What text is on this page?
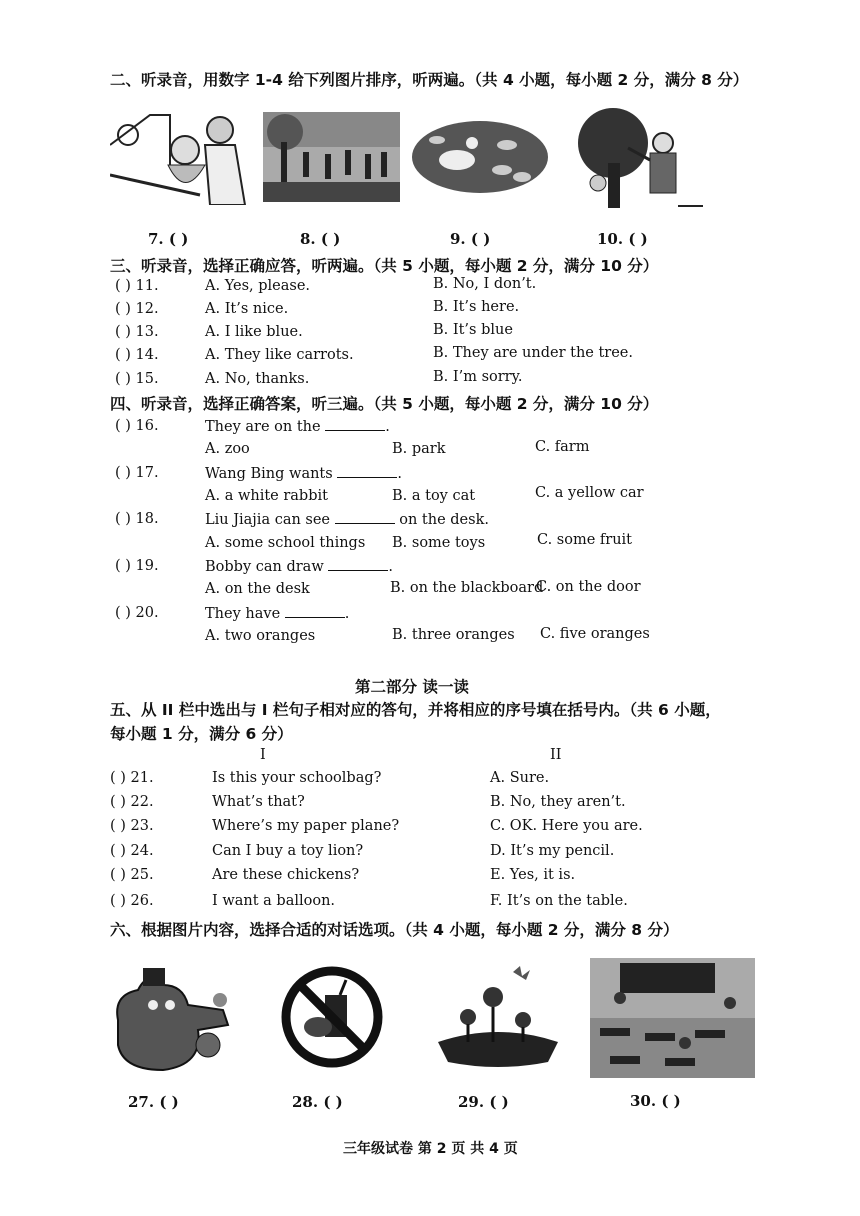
二、听录音，用数字 1-4 给下列图片排序，听两遍。（共 4 小题，每小题 2 分，满分 8 分）
7. ( )	8. ( )	9. ( )	10. ( )
三、听录音，选择正确应答，听两遍。（共 5 小题，每小题 2 分，满分 10 分）
( ) 11.	A. Yes, please.	B. No, I don’t.
( ) 12.	A. It’s nice.	B. It’s here.
( ) 13.	A. I like blue.	B. It’s blue
( ) 14.	A. They like carrots.	B. They are under the tree.
( ) 15.	A. No, thanks.	B. I’m sorry.
四、听录音，选择正确答案，听三遍。（共 5 小题，每小题 2 分，满分 10 分）
( ) 16.	They are on the	.
A. zoo	B. park	C. farm
( ) 17.	Wang Bing wants	.
A. a white rabbit	B. a toy cat	C. a yellow car
( ) 18.	Liu Jiajia can see	on the desk.
A. some school things B. some toys	C. some fruit
( ) 19.	Bobby can draw	.
A. on the desk	B. on the blackboard
C. on the door
( ) 20.	They have	.
A. two oranges	B. three oranges C. five oranges
第二部分 读一读
五、从 II 栏中选出与 I 栏句子相对应的答句，并将相应的序号填在括号内。（共 6 小题，
每小题 1 分，满分 6 分）
I	II
( ) 21.	Is this your schoolbag?	A. Sure.
( ) 22.	What’s that?	B. No, they aren’t.
( ) 23.	Where’s my paper plane?	C. OK. Here you are.
( ) 24.	Can I buy a toy lion?	D. It’s my pencil.
( ) 25.	Are these chickens?	E. Yes, it is.
( ) 26.	I want a balloon.	F. It’s on the table.
六、根据图片内容，选择合适的对话选项。（共 4 小题，每小题 2 分，满分 8 分）
27. ( )	28. ( )	29. ( )	30. ( )
三年级试卷 第 2 页 共 4 页
